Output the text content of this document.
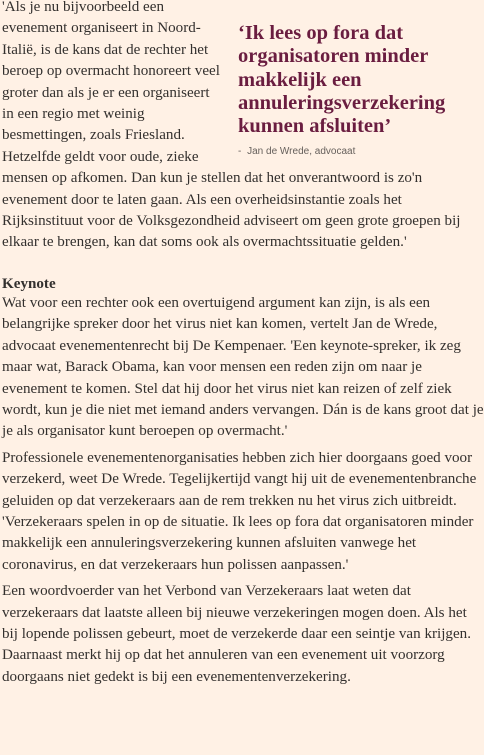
‘Ik lees op fora dat organisatoren minder makkelijk een annuleringsverzekering kunnen afsluiten’

- Jan de Wrede, advocaat

'Als je nu bijvoorbeeld een evenement organiseert in Noord-Italië, is de kans dat de rechter het beroep op overmacht honoreert veel groter dan als je er een organiseert in een regio met weinig besmettingen, zoals Friesland. Hetzelfde geldt voor oude, zieke mensen op afkomen. Dan kun je stellen dat het onverantwoord is zo'n evenement door te laten gaan. Als een overheidsinstantie zoals het Rijksinstituut voor de Volksgezondheid adviseert om geen grote groepen bij elkaar te brengen, kan dat soms ook als overmachtssituatie gelden.'

Keynote

Wat voor een rechter ook een overtuigend argument kan zijn, is als een belangrijke spreker door het virus niet kan komen, vertelt Jan de Wrede, advocaat evenementenrecht bij De Kempenaer. 'Een keynote-spreker, ik zeg maar wat, Barack Obama, kan voor mensen een reden zijn om naar je evenement te komen. Stel dat hij door het virus niet kan reizen of zelf ziek wordt, kun je die niet met iemand anders vervangen. Dán is de kans groot dat je je als organisator kunt beroepen op overmacht.'

Professionele evenementenorganisaties hebben zich hier doorgaans goed voor verzekerd, weet De Wrede. Tegelijkertijd vangt hij uit de evenementenbranche geluiden op dat verzekeraars aan de rem trekken nu het virus zich uitbreidt. 'Verzekeraars spelen in op de situatie. Ik lees op fora dat organisatoren minder makkelijk een annuleringsverzekering kunnen afsluiten vanwege het coronavirus, en dat verzekeraars hun polissen aanpassen.'

Een woordvoerder van het Verbond van Verzekeraars laat weten dat verzekeraars dat laatste alleen bij nieuwe verzekeringen mogen doen. Als het bij lopende polissen gebeurt, moet de verzekerde daar een seintje van krijgen. Daarnaast merkt hij op dat het annuleren van een evenement uit voorzorg doorgaans niet gedekt is bij een evenementenverzekering.
